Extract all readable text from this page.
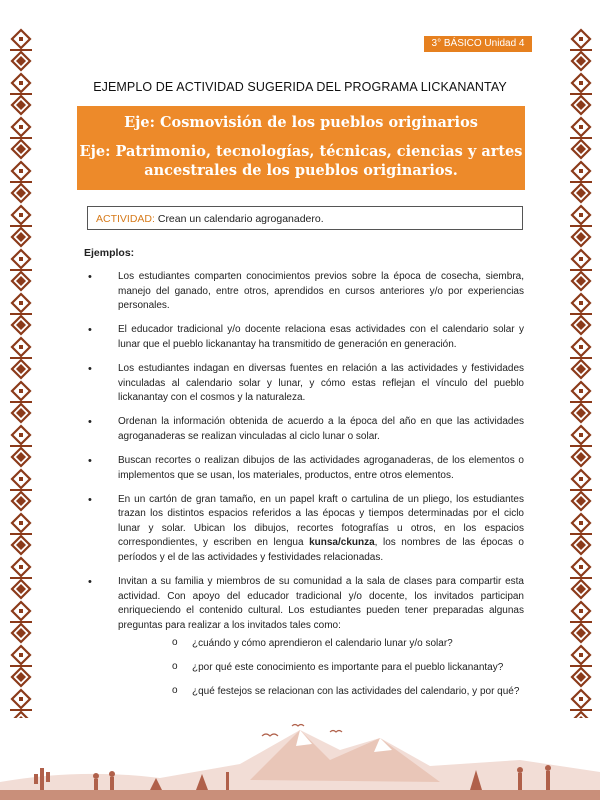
3° BÁSICO Unidad 4
EJEMPLO DE ACTIVIDAD SUGERIDA DEL PROGRAMA LICKANANTAY
Eje: Cosmovisión de los pueblos originarios
Eje: Patrimonio, tecnologías, técnicas, ciencias y artes ancestrales de los pueblos originarios.
ACTIVIDAD: Crean un calendario agroganadero.
Ejemplos:
•	Los estudiantes comparten conocimientos previos sobre la época de cosecha, siembra, manejo del ganado, entre otros, aprendidos en cursos anteriores y/o por experiencias personales.
•	El educador tradicional y/o docente relaciona esas actividades con el calendario solar y lunar que el pueblo lickanantay ha transmitido de generación en generación.
•	Los estudiantes indagan en diversas fuentes en relación a las actividades y festividades vinculadas al calendario solar y lunar, y cómo estas reflejan el vínculo del pueblo lickanantay con el cosmos y la naturaleza.
•	Ordenan la información obtenida de acuerdo a la época del año en que las actividades agroganaderas se realizan vinculadas al ciclo lunar o solar.
•	Buscan recortes o realizan dibujos de las actividades agroganaderas, de los elementos o implementos que se usan, los materiales, productos, entre otros elementos.
•	En un cartón de gran tamaño, en un papel kraft o cartulina de un pliego, los estudiantes trazan los distintos espacios referidos a las épocas y tiempos determinadas por el ciclo lunar y solar. Ubican los dibujos, recortes fotografías u otros, en los espacios correspondientes, y escriben en lengua kunsa/ckunza, los nombres de las épocas o períodos y el de las actividades y festividades relacionadas.
•	Invitan a su familia y miembros de su comunidad a la sala de clases para compartir esta actividad. Con apoyo del educador tradicional y/o docente, los invitados participan enriqueciendo el contenido cultural. Los estudiantes pueden tener preparadas algunas preguntas para realizar a los invitados tales como:
o ¿cuándo y cómo aprendieron el calendario lunar y/o solar?
o ¿por qué este conocimiento es importante para el pueblo lickanantay?
o ¿qué festejos se relacionan con las actividades del calendario, y por qué?
